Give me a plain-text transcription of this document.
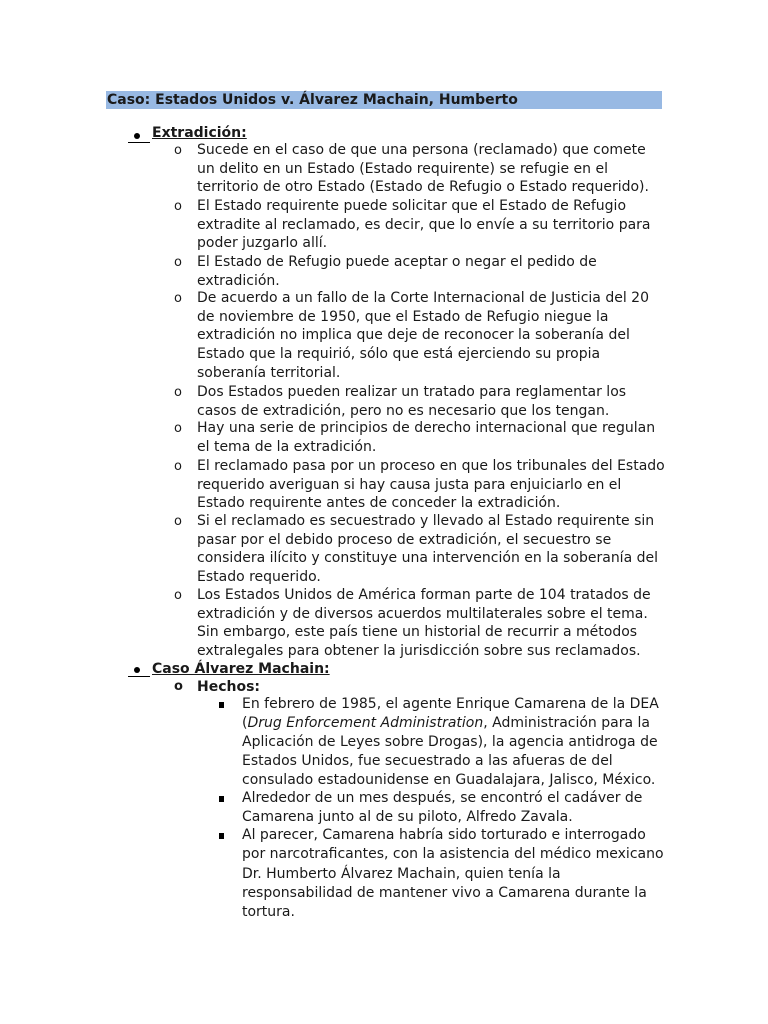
Caso: Estados Unidos v. Álvarez Machain, Humberto
Extradición:
o Sucede en el caso de que una persona (reclamado) que comete
un delito en un Estado (Estado requirente) se refugie en el
territorio de otro Estado (Estado de Refugio o Estado requerido).
o El Estado requirente puede solicitar que el Estado de Refugio
extradite al reclamado, es decir, que lo envíe a su territorio para
poder juzgarlo allí.
o El Estado de Refugio puede aceptar o negar el pedido de
extradición.
o De acuerdo a un fallo de la Corte Internacional de Justicia del 20
de noviembre de 1950, que el Estado de Refugio niegue la
extradición no implica que deje de reconocer la soberanía del
Estado que la requirió, sólo que está ejerciendo su propia
soberanía territorial.
o Dos Estados pueden realizar un tratado para reglamentar los
casos de extradición, pero no es necesario que los tengan.
o Hay una serie de principios de derecho internacional que regulan
el tema de la extradición.
o El reclamado pasa por un proceso en que los tribunales del Estado
requerido averiguan si hay causa justa para enjuiciarlo en el
Estado requirente antes de conceder la extradición.
o Si el reclamado es secuestrado y llevado al Estado requirente sin
pasar por el debido proceso de extradición, el secuestro se
considera ilícito y constituye una intervención en la soberanía del
Estado requerido.
o Los Estados Unidos de América forman parte de 104 tratados de
extradición y de diversos acuerdos multilaterales sobre el tema.
Sin embargo, este país tiene un historial de recurrir a métodos
extralegales para obtener la jurisdicción sobre sus reclamados.
Caso Álvarez Machain:
o Hechos:
En febrero de 1985, el agente Enrique Camarena de la DEA
(Drug Enforcement Administration, Administración para la
Aplicación de Leyes sobre Drogas), la agencia antidroga de
Estados Unidos, fue secuestrado a las afueras de del
consulado estadounidense en Guadalajara, Jalisco, México.
Alrededor de un mes después, se encontró el cadáver de
Camarena junto al de su piloto, Alfredo Zavala.
Al parecer, Camarena habría sido torturado e interrogado
por narcotraficantes, con la asistencia del médico mexicano
Dr. Humberto Álvarez Machain, quien tenía la
responsabilidad de mantener vivo a Camarena durante la
tortura.
